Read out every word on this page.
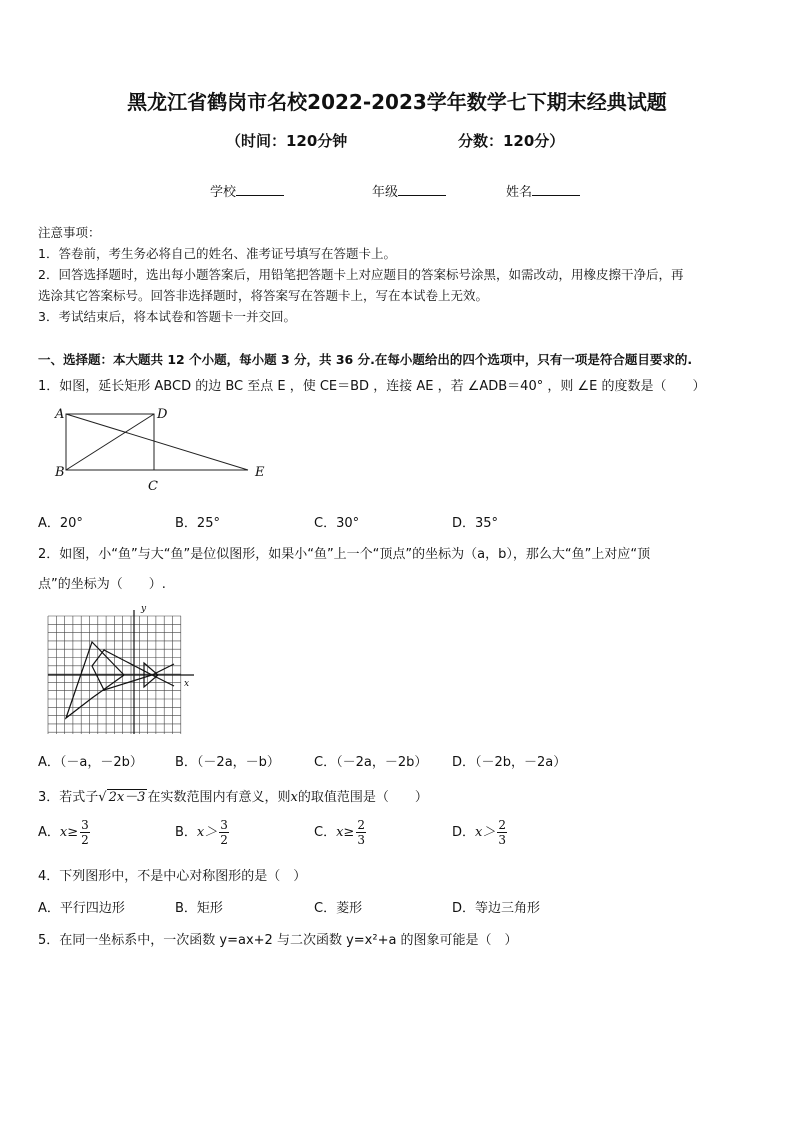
黑龙江省鹤岗市名校2022-2023学年数学七下期末经典试题
（时间：120分钟	分数：120分）
学校	年级	姓名
注意事项：
1．答卷前，考生务必将自己的姓名、准考证号填写在答题卡上。
2．回答选择题时，选出每小题答案后，用铅笔把答题卡上对应题目的答案标号涂黑，如需改动，用橡皮擦干净后，再
选涂其它答案标号。回答非选择题时，将答案写在答题卡上，写在本试卷上无效。
3．考试结束后，将本试卷和答题卡一并交回。
一、选择题：本大题共 12 个小题，每小题 3 分，共 36 分.在每小题给出的四个选项中，只有一项是符合题目要求的.
1．如图，延长矩形 ABCD 的边 BC 至点 E ，使 CE＝BD ，连接 AE ，若 ∠ADB＝40° ，则 ∠E 的度数是（　　）
A	D
B
C
E
A．20°	B．25°	C．30°	D．35°
2．如图，小“鱼”与大“鱼”是位似图形，如果小“鱼”上一个“顶点”的坐标为（a，b），那么大“鱼”上对应“顶
点”的坐标为（　　）.
y
x
A．（－a，－2b） B．（－2a，－b）	C．（－2a，－2b） D．（－2b，－2a）
3．若式子√ 2x－3 在实数范围内有意义，则x的取值范围是（　　）
A．$x\ge \frac{3}{2}$	B．$x> \frac{3}{2}$	C．$x\ge \frac{2}{3}$	D．$x> \frac{2}{3}$
4．下列图形中，不是中心对称图形的是（　）
A．平行四边形	B．矩形	C．菱形	D．等边三角形
5．在同一坐标系中，一次函数 y=ax+2 与二次函数 y=x²+a 的图象可能是（　）
